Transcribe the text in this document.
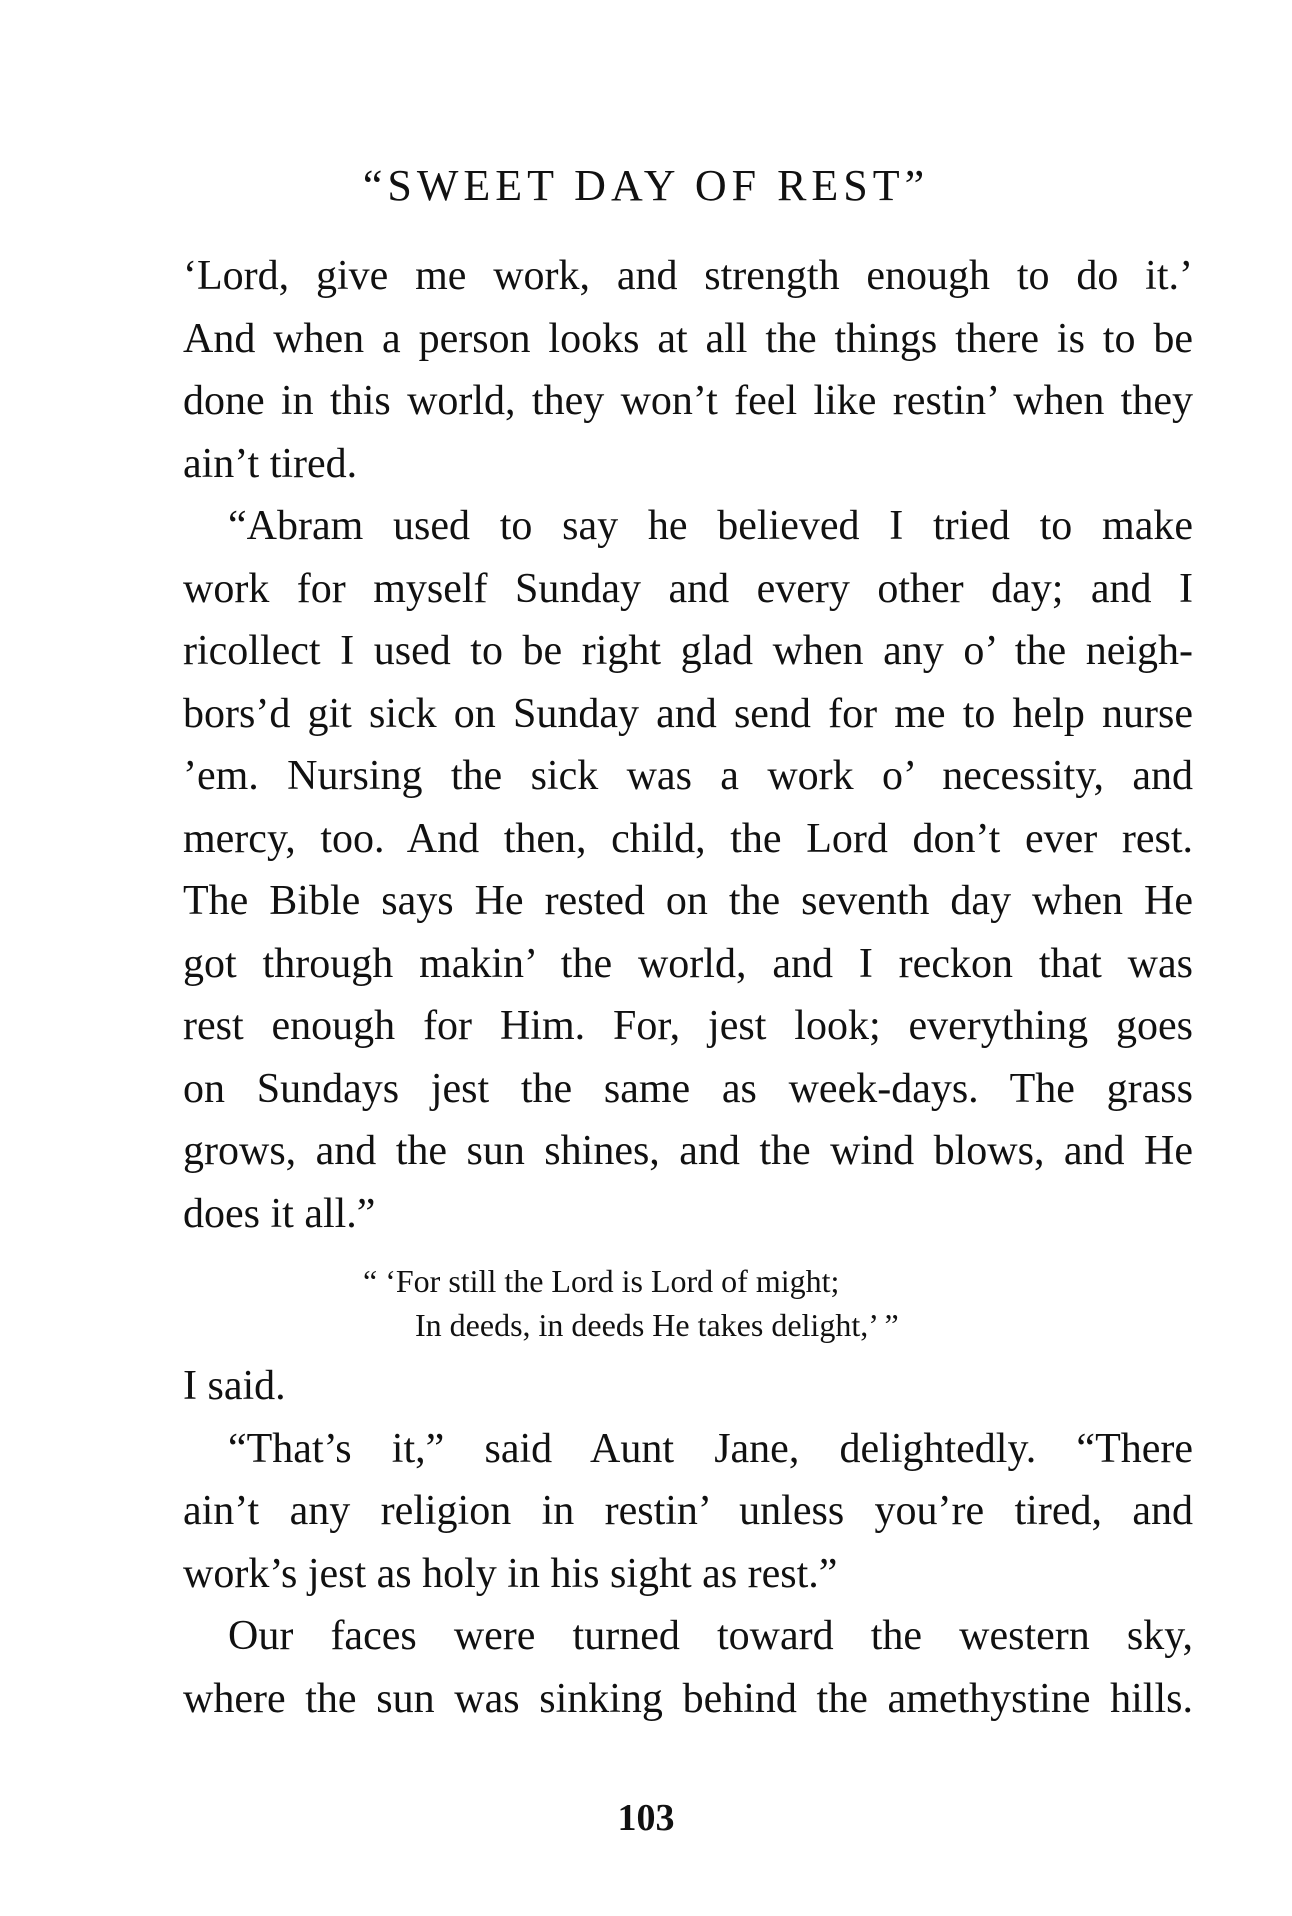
“SWEET DAY OF REST”

‘Lord, give me work, and strength enough to do it.’
And when a person looks at all the things there is to be
done in this world, they won’t feel like restin’ when they
ain’t tired.

“Abram used to say he believed I tried to make
work for myself Sunday and every other day; and I
ricollect I used to be right glad when any o’ the neigh-
bors’d git sick on Sunday and send for me to help nurse
’em. Nursing the sick was a work o’ necessity, and
mercy, too. And then, child, the Lord don’t ever rest.
The Bible says He rested on the seventh day when He
got through makin’ the world, and I reckon that was
rest enough for Him. For, jest look; everything goes
on Sundays jest the same as week-days. The grass
grows, and the sun shines, and the wind blows, and He
does it all.”

“ ‘For still the Lord is Lord of might;
In deeds, in deeds He takes delight,’ ”

I said.

“That’s it,” said Aunt Jane, delightedly. “There
ain’t any religion in restin’ unless you’re tired, and
work’s jest as holy in his sight as rest.”

Our faces were turned toward the western sky,
where the sun was sinking behind the amethystine hills.

103
